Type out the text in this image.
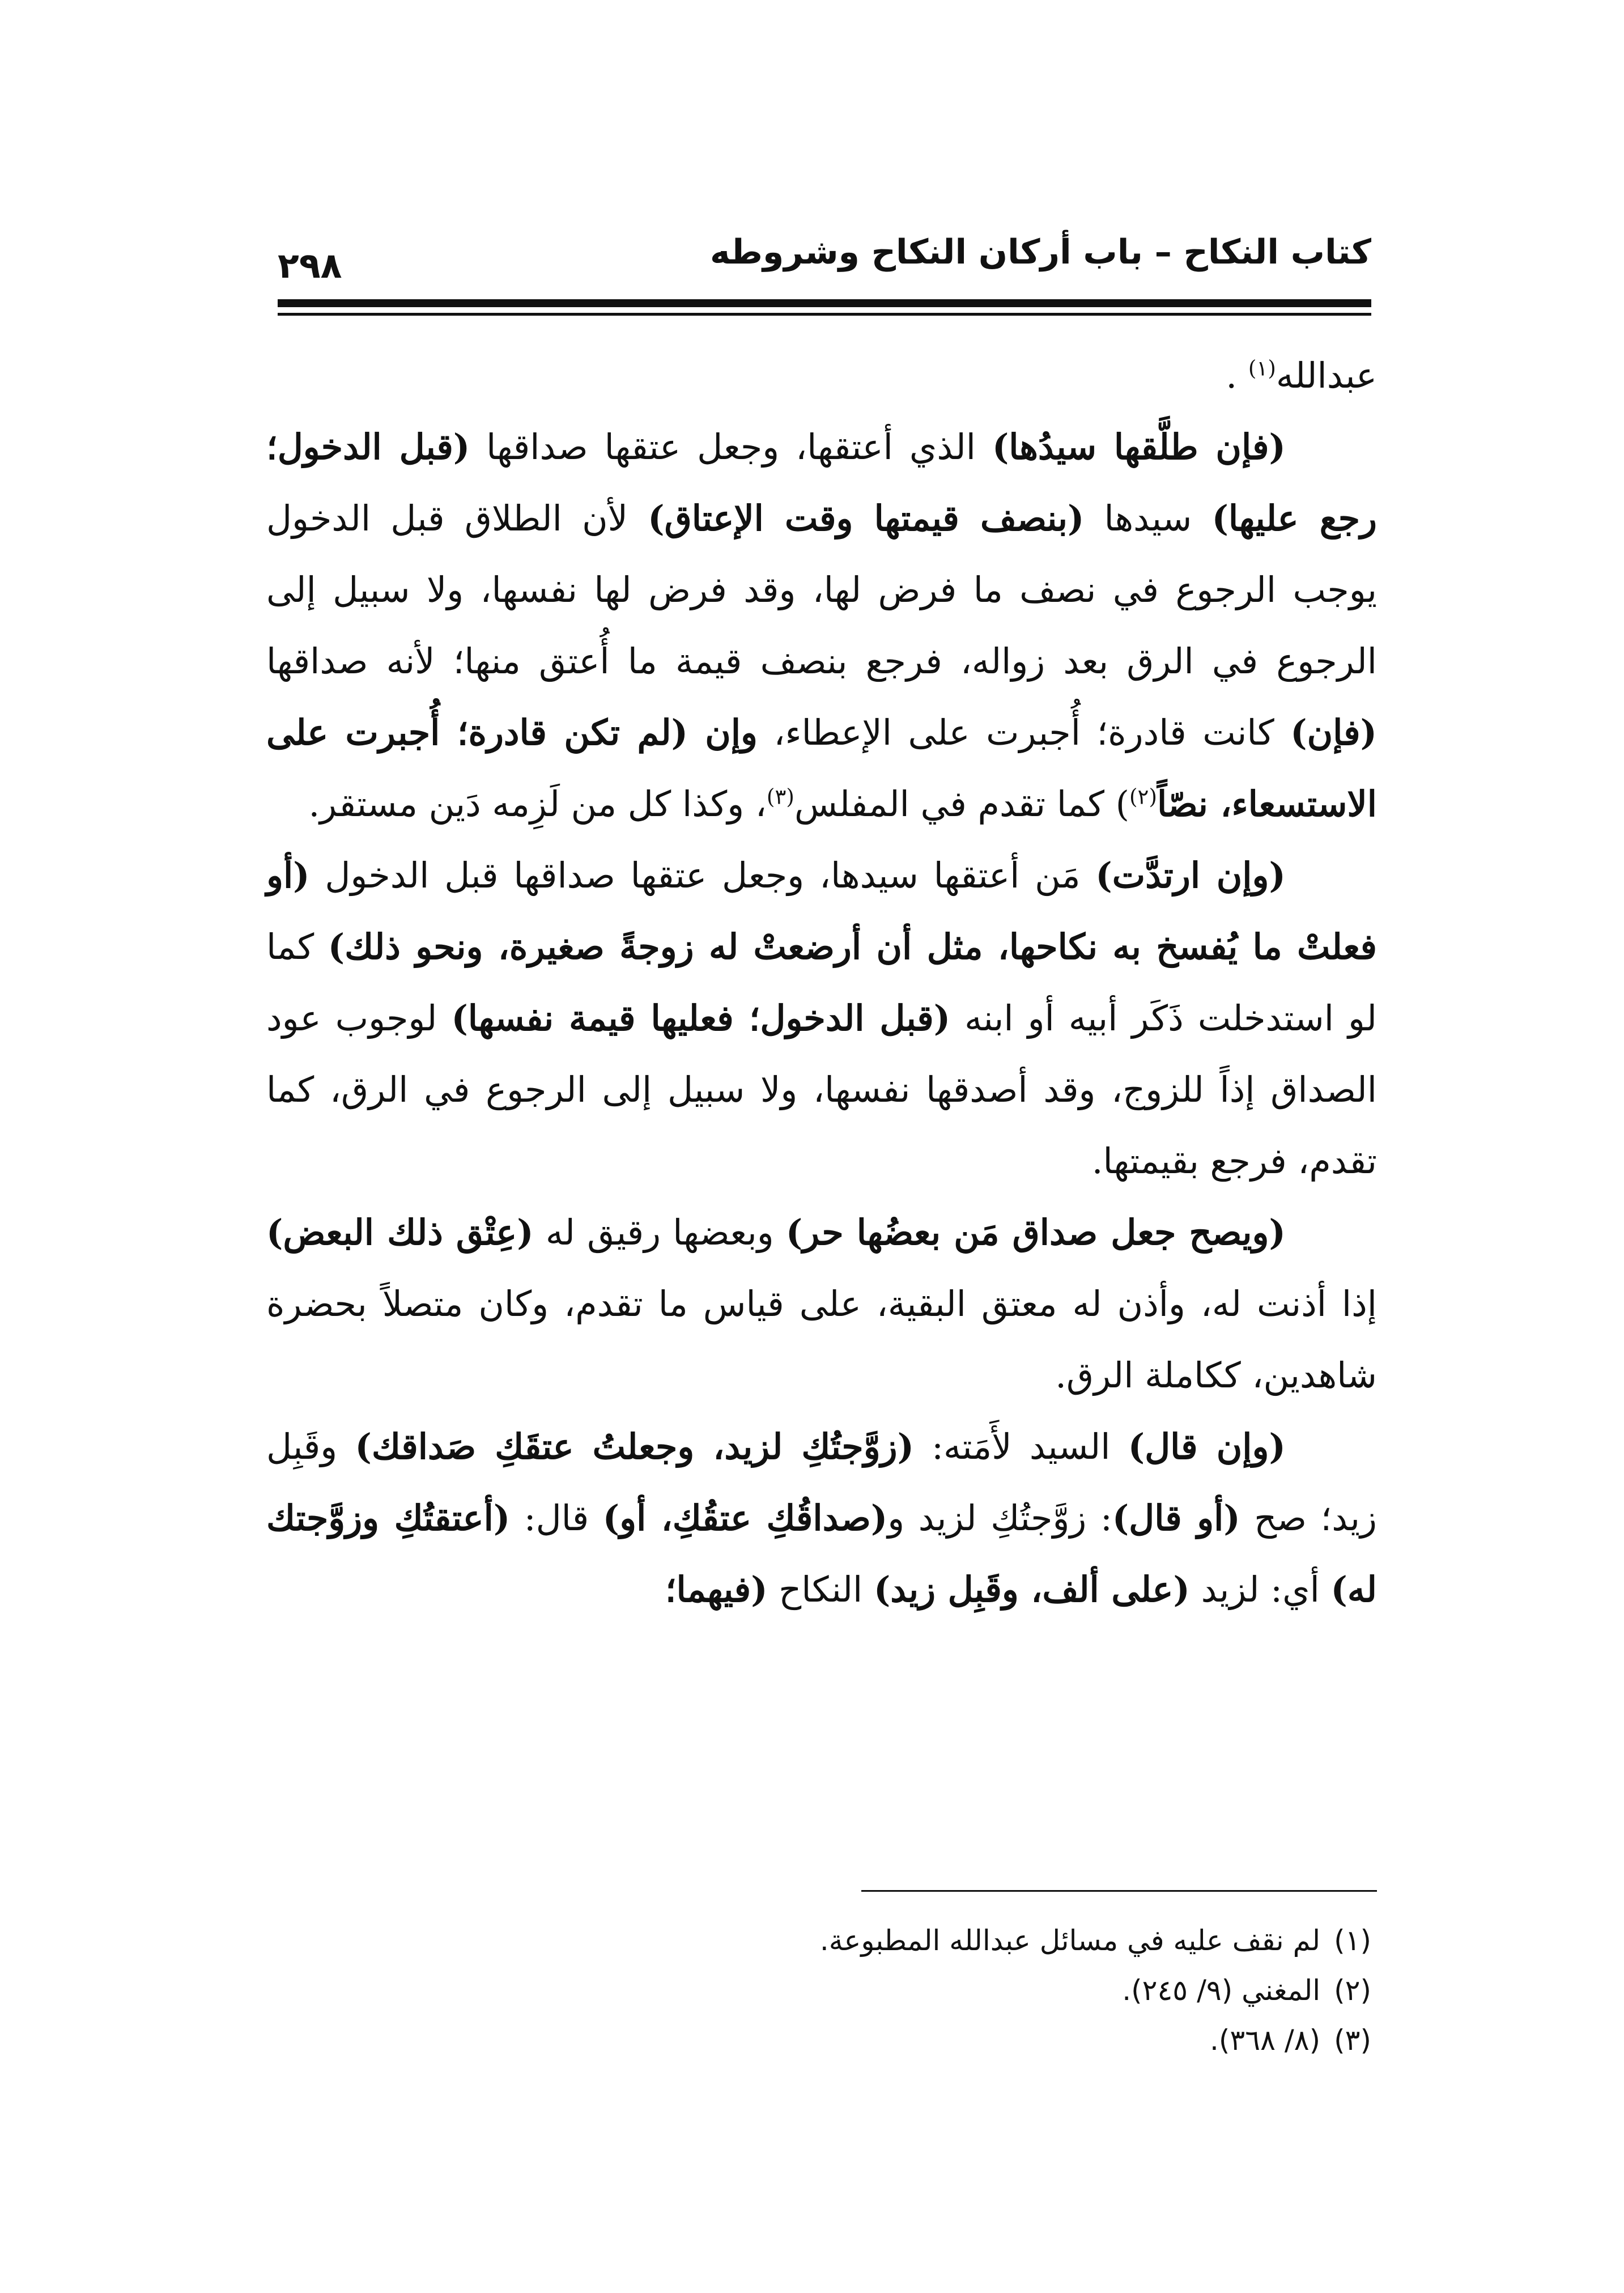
٢٩٨	كتاب النكاح – باب أركان النكاح وشروطه

عبدالله$^{(١)}$ .

(فإن طلَّقها سيدُها) الذي أعتقها، وجعل عتقها صداقها (قبل الدخول؛ رجع عليها) سيدها (بنصف قيمتها وقت الإعتاق) لأن الطلاق قبل الدخول يوجب الرجوع في نصف ما فرض لها، وقد فرض لها نفسها، ولا سبيل إلى الرجوع في الرق بعد زواله، فرجع بنصف قيمة ما أُعتق منها؛ لأنه صداقها (فإن) كانت قادرة؛ أُجبرت على الإعطاء، وإن (لم تكن قادرة؛ أُجبرت على الاستسعاء، نصّاً$^{(٢)}$) كما تقدم في المفلس$^{(٣)}$، وكذا كل من لَزِمه دَين مستقر.

(وإن ارتدَّت) مَن أعتقها سيدها، وجعل عتقها صداقها قبل الدخول (أو فعلتْ ما يُفسخ به نكاحها، مثل أن أرضعتْ له زوجةً صغيرة، ونحو ذلك) كما لو استدخلت ذَكَر أبيه أو ابنه (قبل الدخول؛ فعليها قيمة نفسها) لوجوب عود الصداق إذاً للزوج، وقد أصدقها نفسها، ولا سبيل إلى الرجوع في الرق، كما تقدم، فرجع بقيمتها.

(ويصح جعل صداق مَن بعضُها حر) وبعضها رقيق له (عِتْق ذلك البعض) إذا أذنت له، وأذن له معتق البقية، على قياس ما تقدم، وكان متصلاً بحضرة شاهدين، ككاملة الرق.

(وإن قال) السيد لأَمَته: (زوَّجتُكِ لزيد، وجعلتُ عتقَكِ صَداقك) وقَبِل زيد؛ صح (أو قال): زوَّجتُكِ لزيد و(صداقُكِ عتقُكِ، أو) قال: (أعتقتُكِ وزوَّجتك له) أي: لزيد (على ألف، وقَبِل زيد) النكاح (فيهما؛

(١)لم نقف عليه في مسائل عبدالله المطبوعة.
(٢)المغني (٩/ ٢٤٥).
(٣)(٨/ ٣٦٨).
